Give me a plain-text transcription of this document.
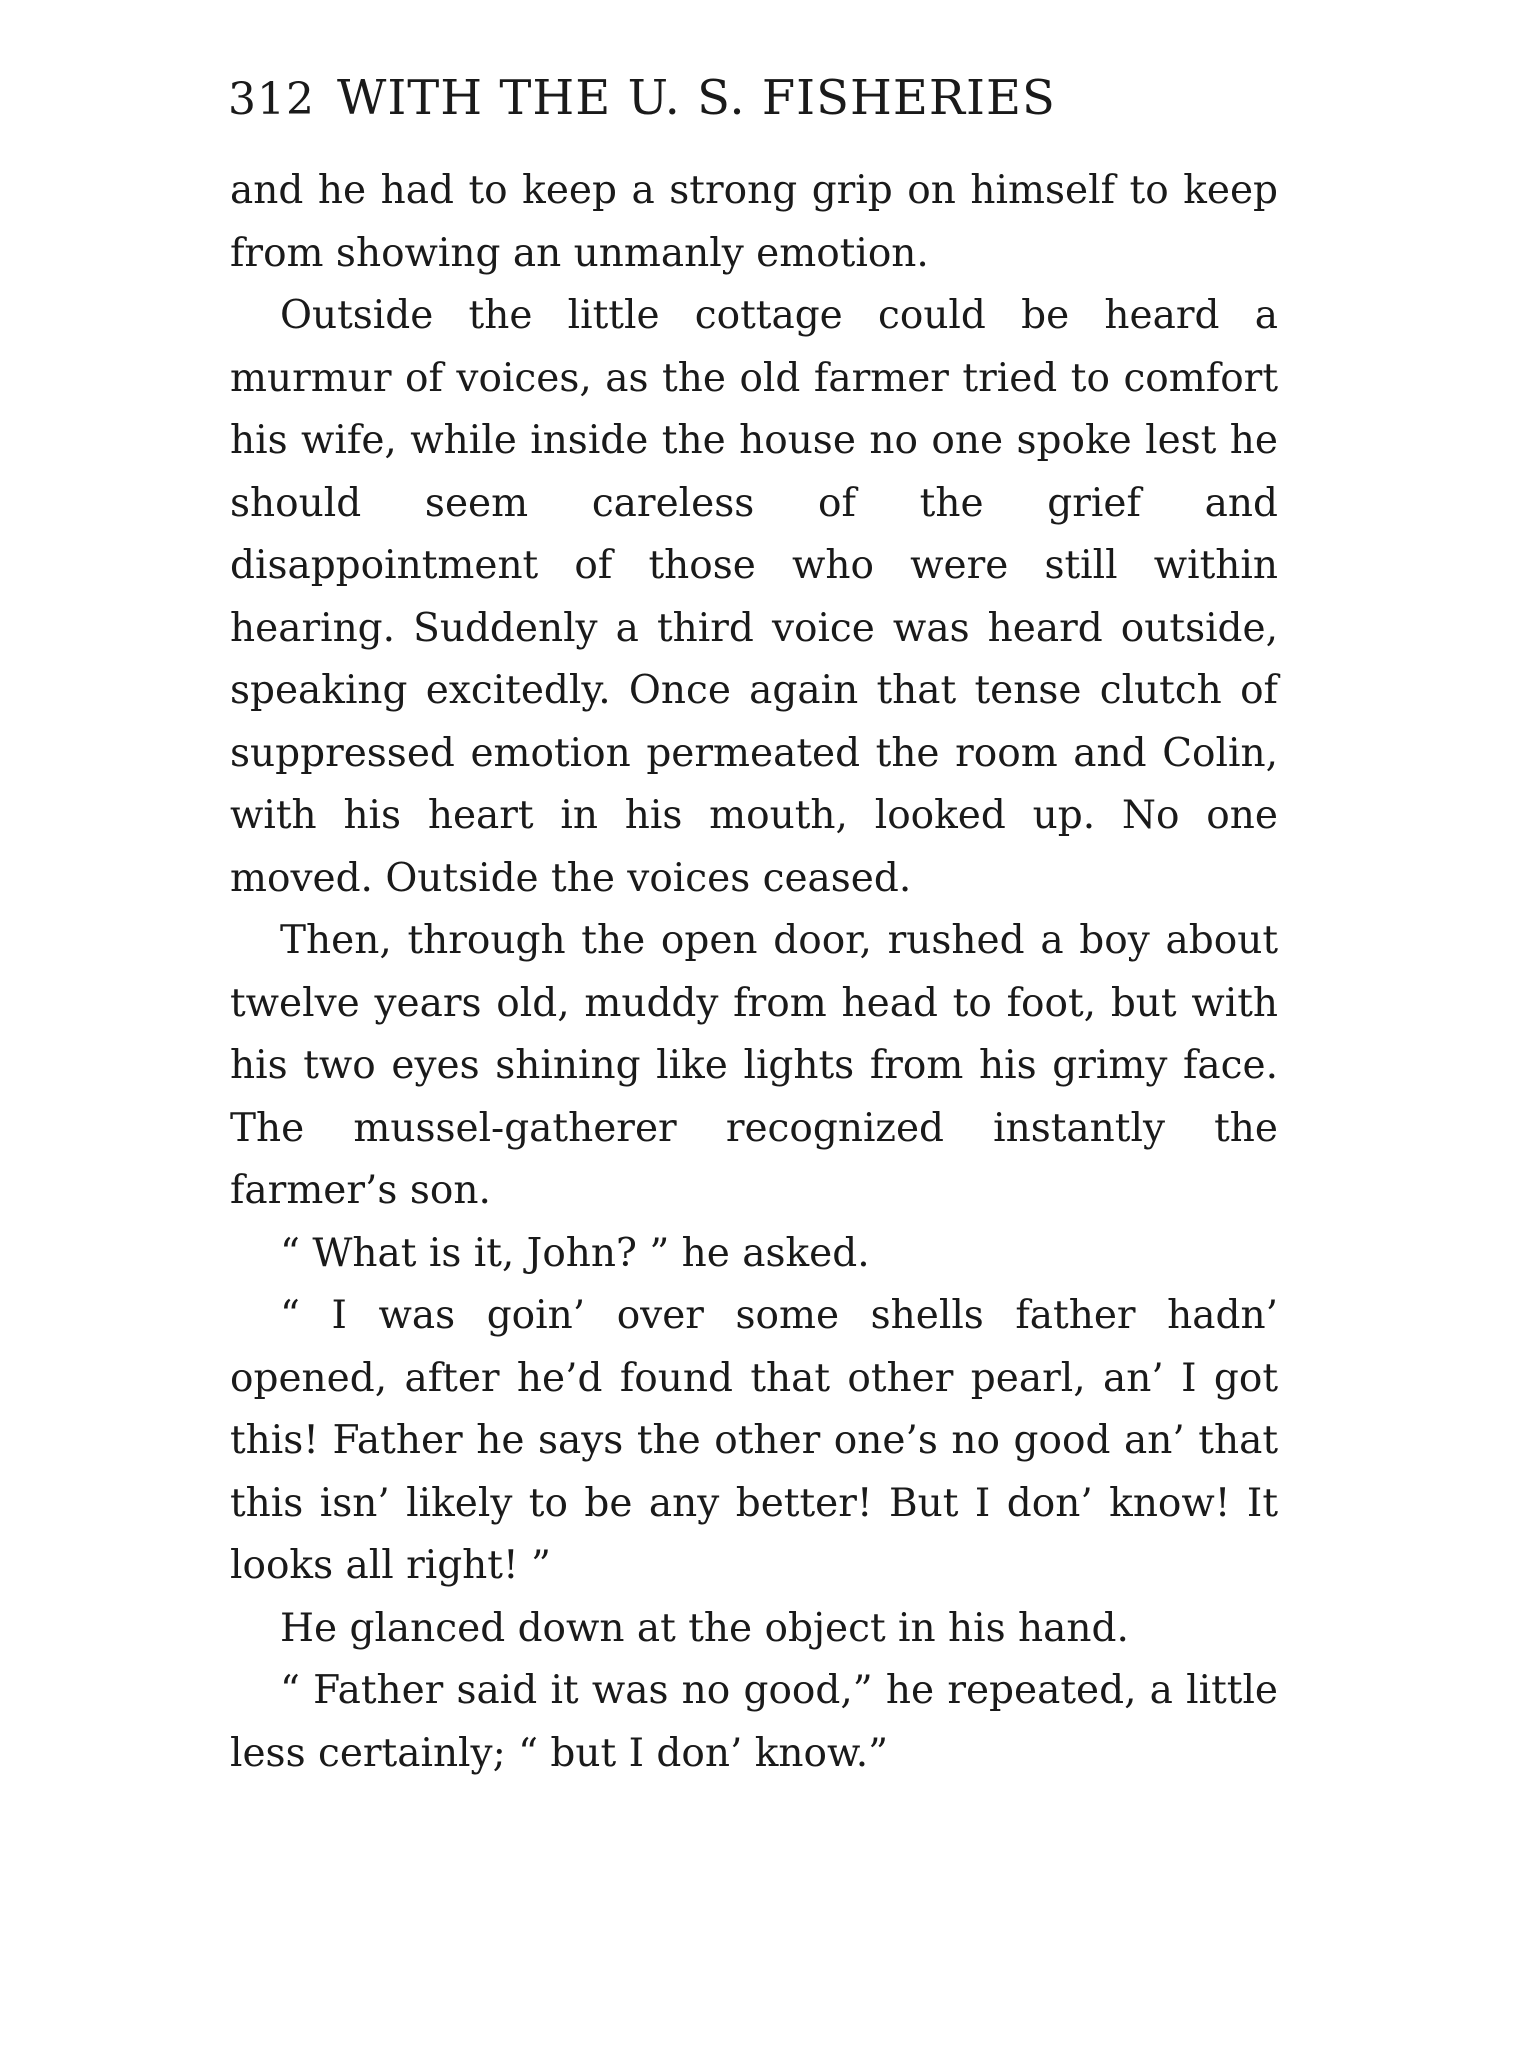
312 WITH THE U. S. FISHERIES

and he had to keep a strong grip on himself to keep from showing an unmanly emotion.

Outside the little cottage could be heard a murmur of voices, as the old farmer tried to comfort his wife, while inside the house no one spoke lest he should seem careless of the grief and disappointment of those who were still within hearing. Suddenly a third voice was heard outside, speaking excitedly. Once again that tense clutch of suppressed emotion permeated the room and Colin, with his heart in his mouth, looked up. No one moved. Outside the voices ceased.

Then, through the open door, rushed a boy about twelve years old, muddy from head to foot, but with his two eyes shining like lights from his grimy face. The mussel-gatherer recognized instantly the farmer’s son.

“ What is it, John? ” he asked.

“ I was goin’ over some shells father hadn’ opened, after he’d found that other pearl, an’ I got this! Father he says the other one’s no good an’ that this isn’ likely to be any better! But I don’ know! It looks all right! ”

He glanced down at the object in his hand.

“ Father said it was no good,” he repeated, a little less certainly; “ but I don’ know.”
